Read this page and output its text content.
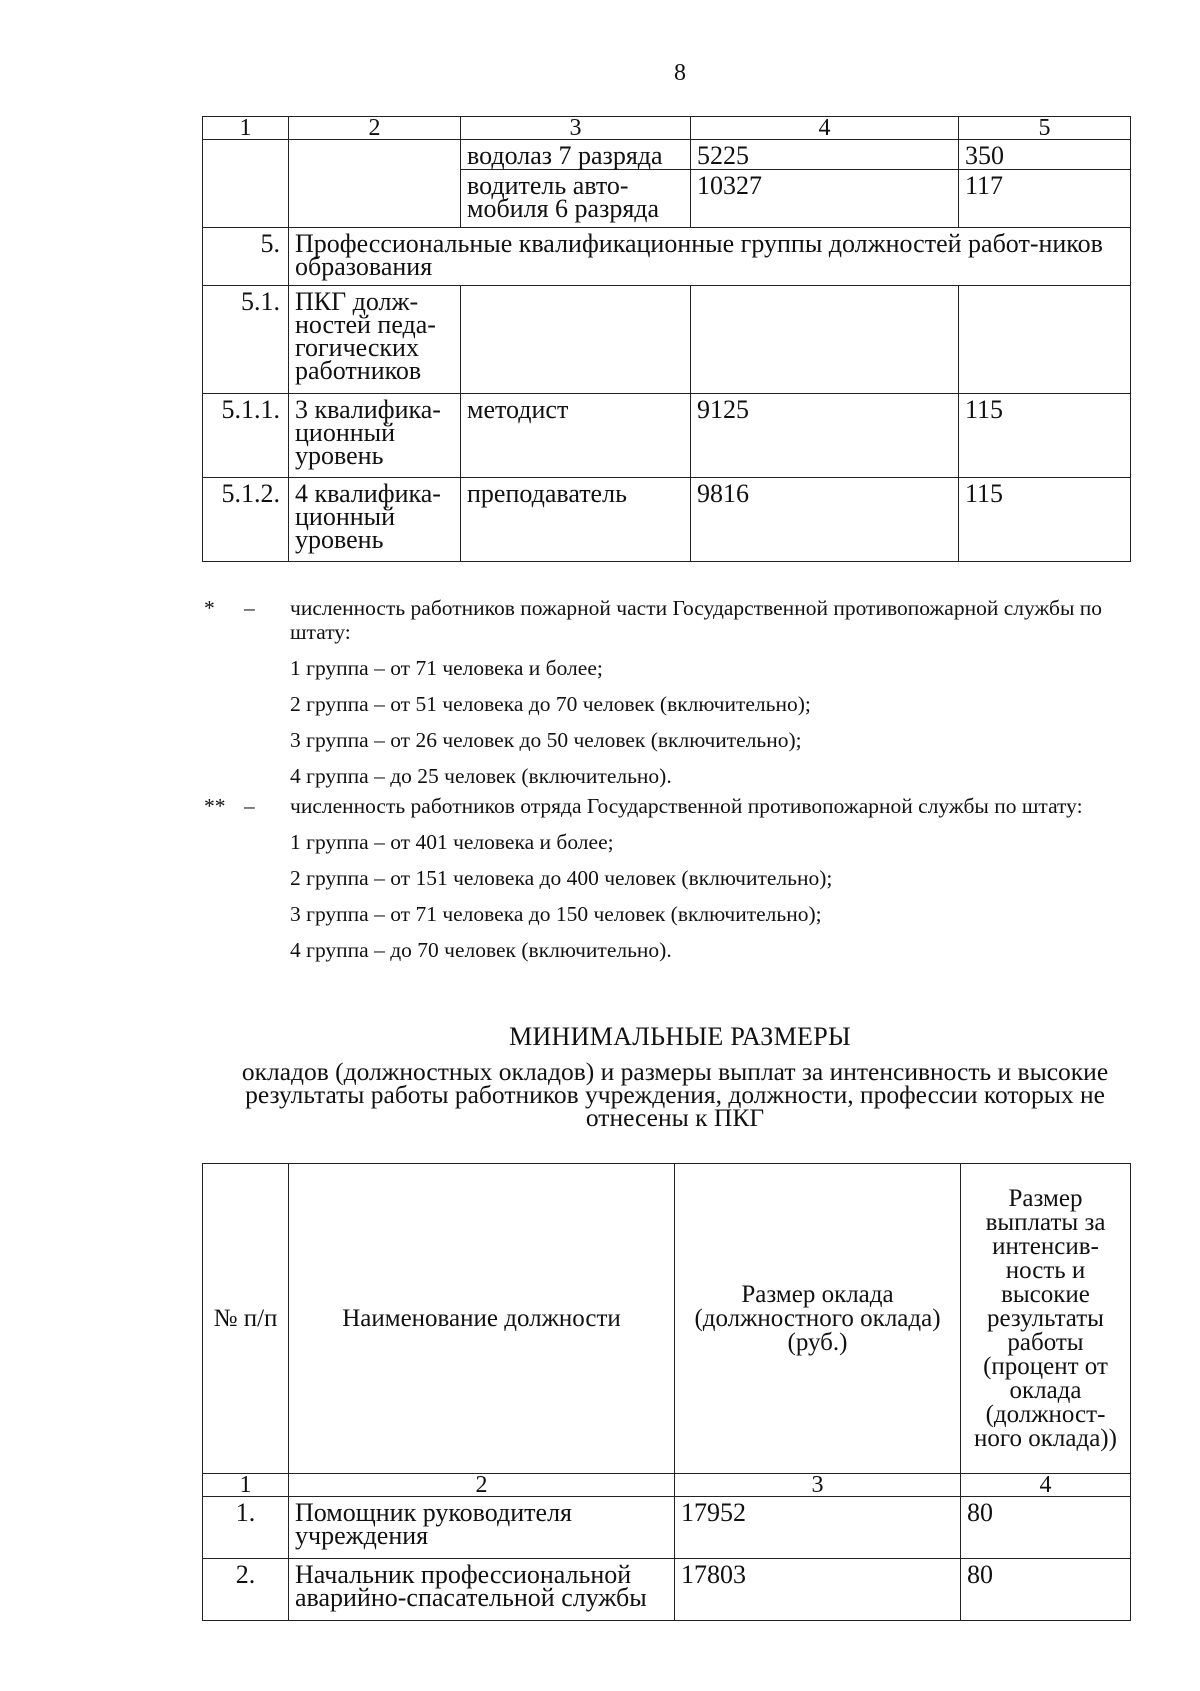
8
1	2	3	4	5
		водолаз 7 разряда	5225	350
		водитель авто-мобиля 6 разряда	10327	117
5.	Профессиональные квалификационные группы должностей работ-ников образования			
5.1.	ПКГ долж-ностей педа-гогических работников			
5.1.1.	3 квалифика-ционный уровень	методист	9125	115
5.1.2.	4 квалифика-ционный уровень	преподаватель	9816	115
* – численность работников пожарной части Государственной противопожарной службы по штату:
1 группа – от 71 человека и более;
2 группа – от 51 человека до 70 человек (включительно);
3 группа – от 26 человек до 50 человек (включительно);
4 группа – до 25 человек (включительно).
** – численность работников отряда Государственной противопожарной службы по штату:
1 группа – от 401 человека и более;
2 группа – от 151 человека до 400 человек (включительно);
3 группа – от 71 человека до 150 человек (включительно);
4 группа – до 70 человек (включительно).
МИНИМАЛЬНЫЕ РАЗМЕРЫ
окладов (должностных окладов) и размеры выплат за интенсивность и высокие результаты работы работников учреждения, должности, профессии которых не отнесены к ПКГ
№ п/п	Наименование должности	Размер оклада (должностного оклада) (руб.)	Размер выплаты за интенсив-ность и высокие результаты работы (процент от оклада (должност-ного оклада))
1	2	3	4
1.	Помощник руководителя учреждения	17952	80
2.	Начальник профессиональной аварийно-спасательной службы	17803	80
